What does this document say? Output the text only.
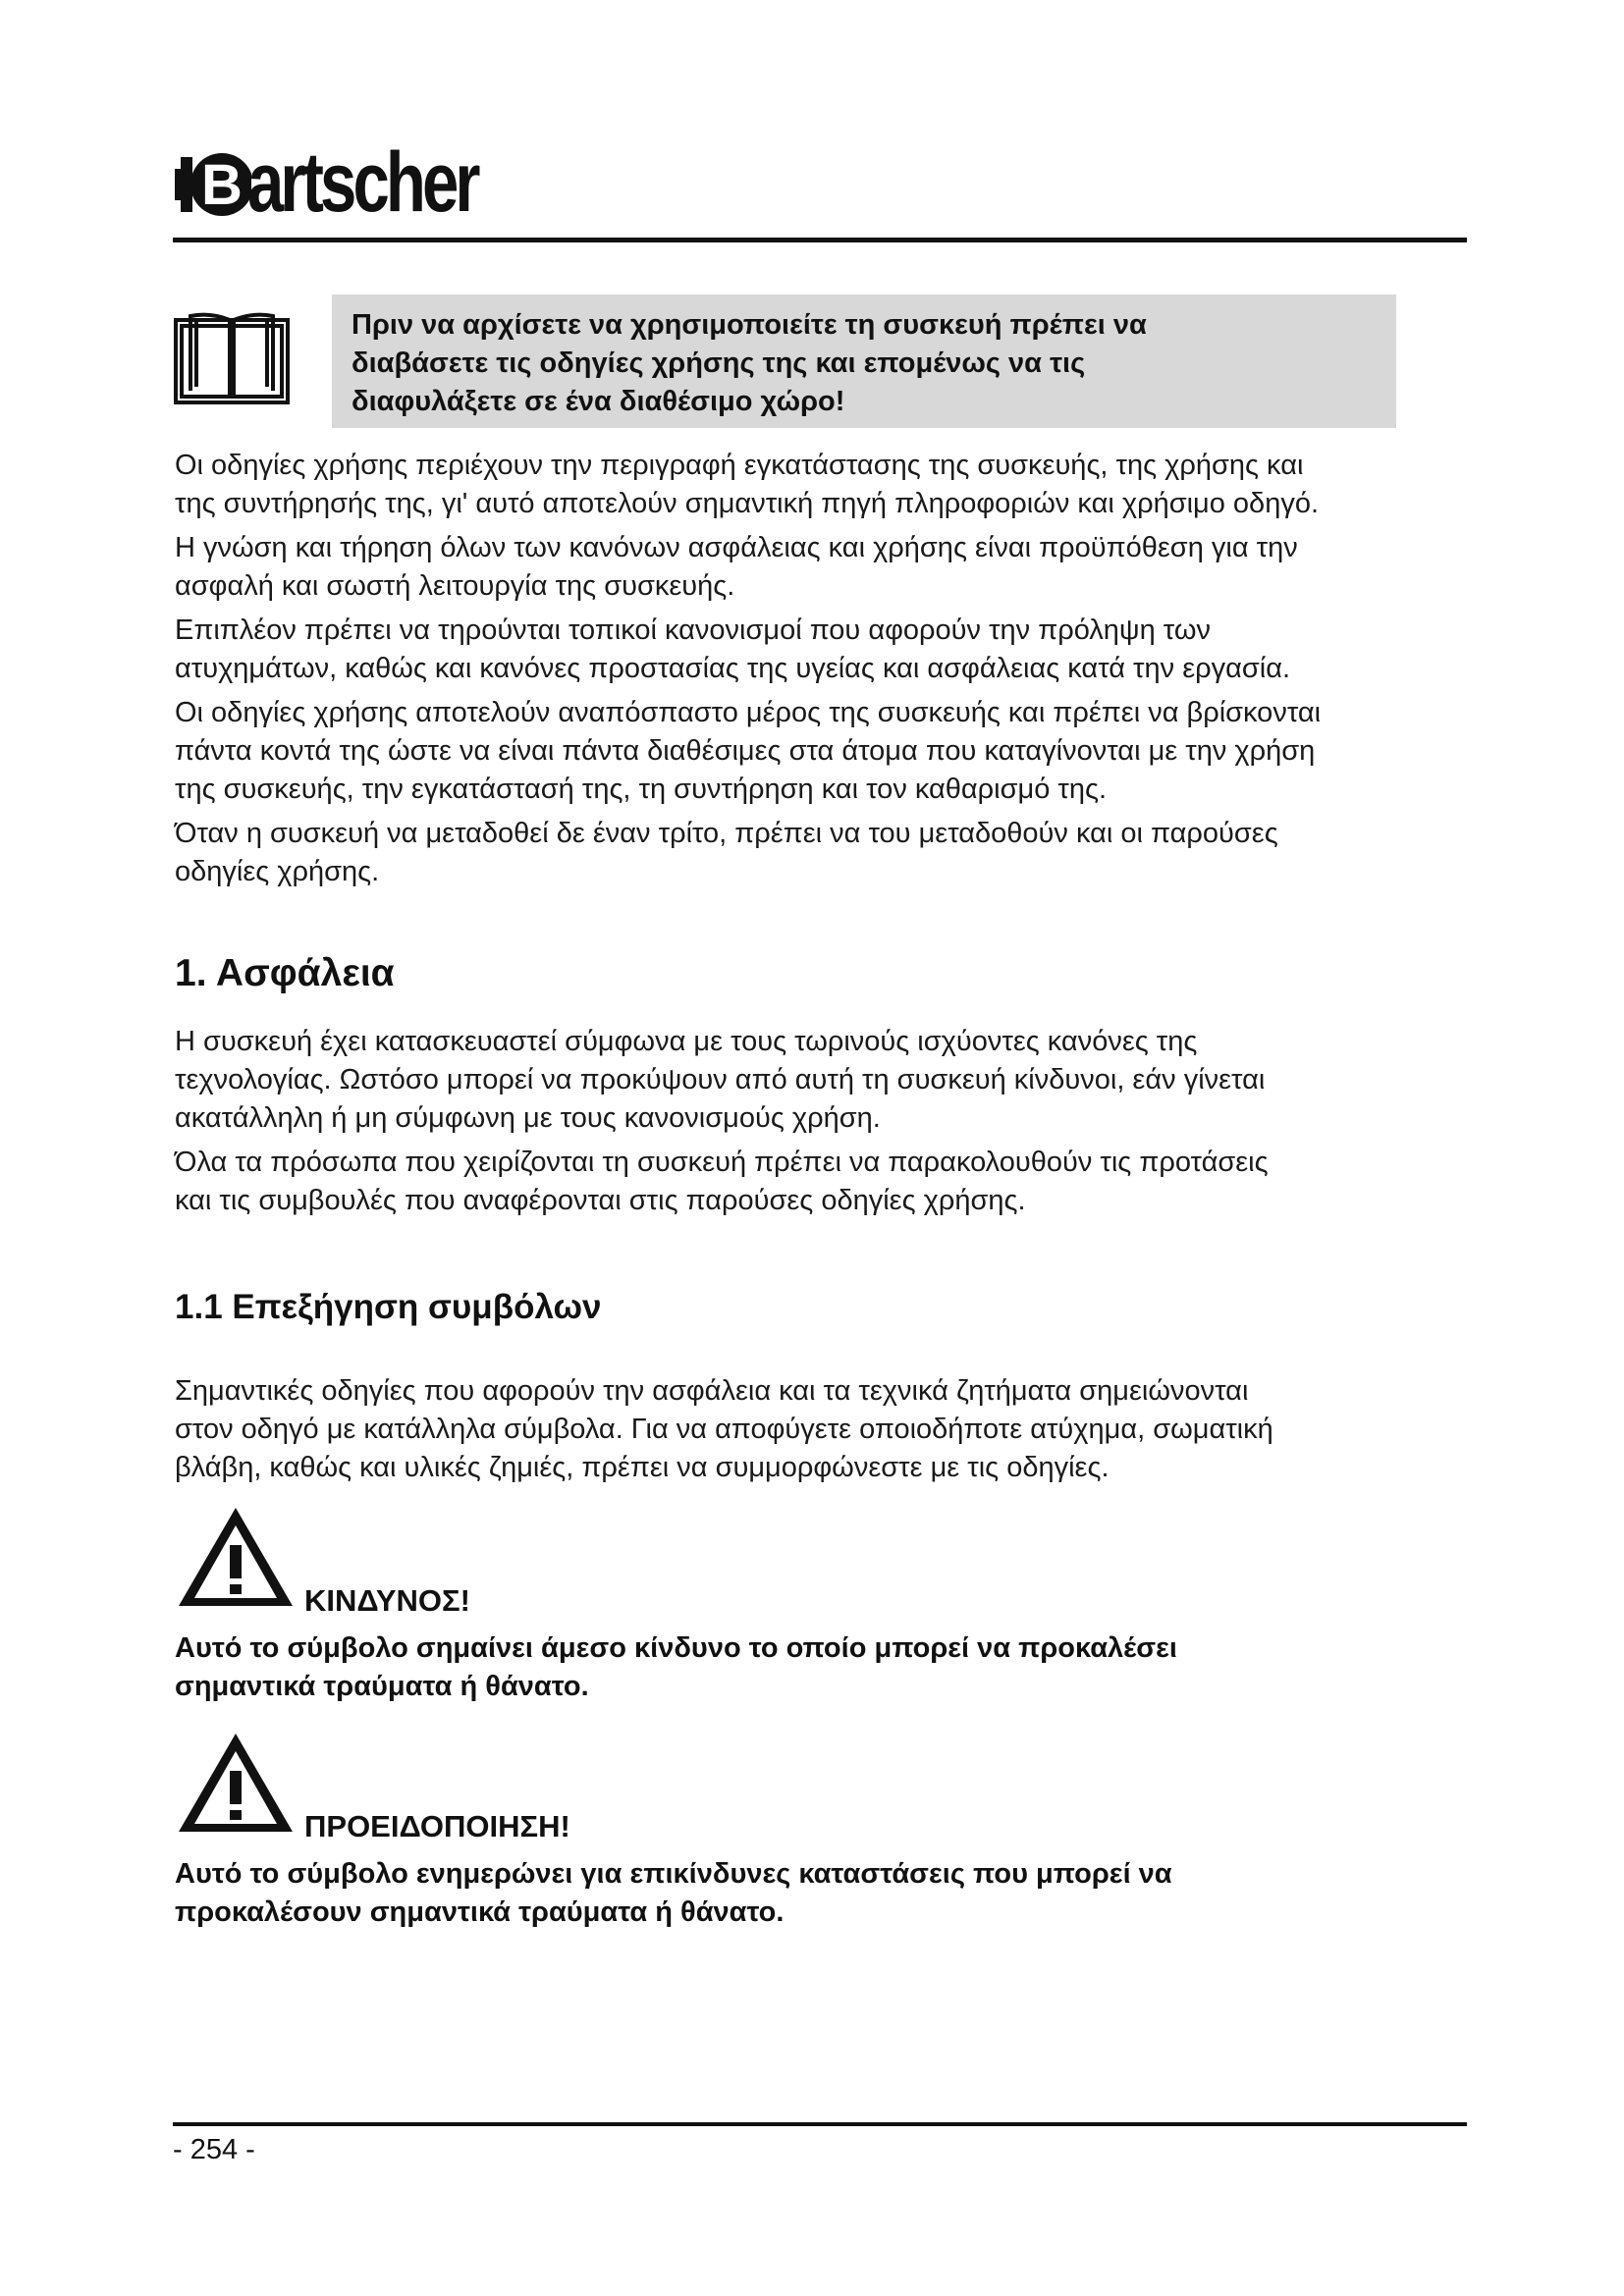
B artscher
Πριν να αρχίσετε να χρησιμοποιείτε τη συσκευή πρέπει να
διαβάσετε τις οδηγίες χρήσης της και επομένως να τις
διαφυλάξετε σε ένα διαθέσιμο χώρο!

Οι οδηγίες χρήσης περιέχουν την περιγραφή εγκατάστασης της συσκευής, της χρήσης και
της συντήρησής της, γι' αυτό αποτελούν σημαντική πηγή πληροφοριών και χρήσιμο οδηγό.

Η γνώση και τήρηση όλων των κανόνων ασφάλειας και χρήσης είναι προϋπόθεση για την
ασφαλή και σωστή λειτουργία της συσκευής.

Επιπλέον πρέπει να τηρούνται τοπικοί κανονισμοί που αφορούν την πρόληψη των
ατυχημάτων, καθώς και κανόνες προστασίας της υγείας και ασφάλειας κατά την εργασία.

Οι οδηγίες χρήσης αποτελούν αναπόσπαστο μέρος της συσκευής και πρέπει να βρίσκονται
πάντα κοντά της ώστε να είναι πάντα διαθέσιμες στα άτομα που καταγίνονται με την χρήση
της συσκευής, την εγκατάστασή της, τη συντήρηση και τον καθαρισμό της.

Όταν η συσκευή να μεταδοθεί δε έναν τρίτο, πρέπει να του μεταδοθούν και οι παρούσες
οδηγίες χρήσης.

1. Ασφάλεια

Η συσκευή έχει κατασκευαστεί σύμφωνα με τους τωρινούς ισχύοντες κανόνες της
τεχνολογίας. Ωστόσο μπορεί να προκύψουν από αυτή τη συσκευή κίνδυνοι, εάν γίνεται
ακατάλληλη ή μη σύμφωνη με τους κανονισμούς χρήση.

Όλα τα πρόσωπα που χειρίζονται τη συσκευή πρέπει να παρακολουθούν τις προτάσεις
και τις συμβουλές που αναφέρονται στις παρούσες οδηγίες χρήσης.

1.1 Επεξήγηση συμβόλων

Σημαντικές οδηγίες που αφορούν την ασφάλεια και τα τεχνικά ζητήματα σημειώνονται
στον οδηγό με κατάλληλα σύμβολα. Για να αποφύγετε οποιοδήποτε ατύχημα, σωματική
βλάβη, καθώς και υλικές ζημιές, πρέπει να συμμορφώνεστε με τις οδηγίες.

ΚΙΝΔΥΝΟΣ!
Αυτό το σύμβολο σημαίνει άμεσο κίνδυνο το οποίο μπορεί να προκαλέσει
σημαντικά τραύματα ή θάνατο.
ΠΡΟΕΙΔΟΠΟΙΗΣΗ!
Αυτό το σύμβολο ενημερώνει για επικίνδυνες καταστάσεις που μπορεί να
προκαλέσουν σημαντικά τραύματα ή θάνατο.
- 254 -
